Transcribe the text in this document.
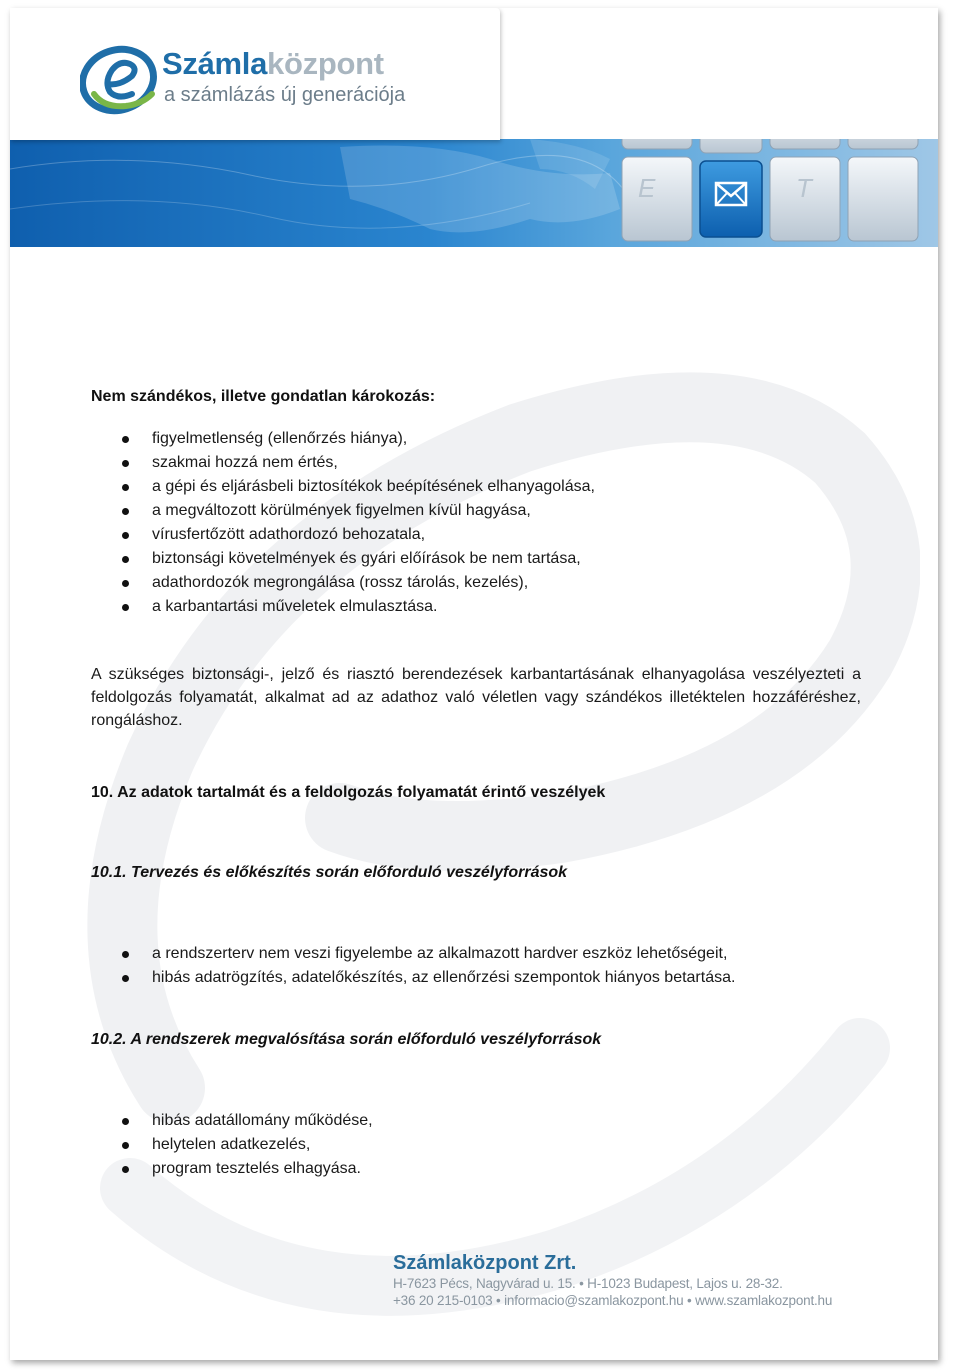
E	T
Számlaközpont
a számlázás új generációja
Nem szándékos, illetve gondatlan károkozás:
figyelmetlenség (ellenőrzés hiánya),
szakmai hozzá nem értés,
a gépi és eljárásbeli biztosítékok beépítésének elhanyagolása,
a megváltozott körülmények figyelmen kívül hagyása,
vírusfertőzött adathordozó behozatala,
biztonsági követelmények és gyári előírások be nem tartása,
adathordozók megrongálása (rossz tárolás, kezelés),
a karbantartási műveletek elmulasztása.
A szükséges biztonsági-, jelző és riasztó berendezések karbantartásának elhanyagolása veszélyezteti a feldolgozás folyamatát, alkalmat ad az adathoz való véletlen vagy szándékos illetéktelen hozzáféréshez, rongáláshoz.
10. Az adatok tartalmát és a feldolgozás folyamatát érintő veszélyek
10.1. Tervezés és előkészítés során előforduló veszélyforrások
a rendszerterv nem veszi figyelembe az alkalmazott hardver eszköz lehetőségeit,
hibás adatrögzítés, adatelőkészítés, az ellenőrzési szempontok hiányos betartása.
10.2. A rendszerek megvalósítása során előforduló veszélyforrások
hibás adatállomány működése,
helytelen adatkezelés,
program tesztelés elhagyása.
Számlaközpont Zrt.
H-7623 Pécs, Nagyvárad u. 15. • H-1023 Budapest, Lajos u. 28-32.
+36 20 215-0103 • informacio@szamlakozpont.hu • www.szamlakozpont.hu
